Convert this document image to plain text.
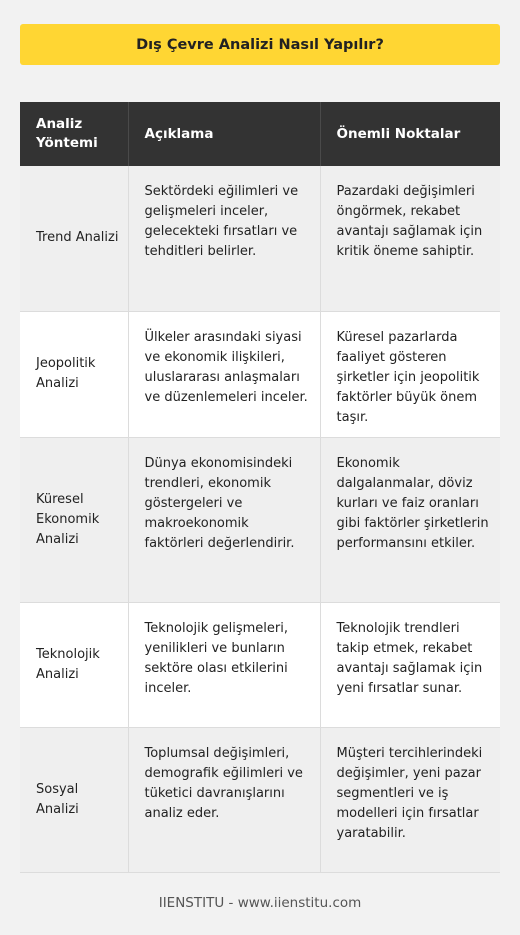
Dış Çevre Analizi Nasıl Yapılır?
Analiz Yöntemi	Açıklama	Önemli Noktalar
Trend Analizi	Sektördeki eğilimleri ve gelişmeleri inceler, gelecekteki fırsatları ve tehditleri belirler.	Pazardaki değişimleri öngörmek, rekabet avantajı sağlamak için kritik öneme sahiptir.
Jeopolitik Analizi	Ülkeler arasındaki siyasi ve ekonomik ilişkileri, uluslararası anlaşmaları ve düzenlemeleri inceler.	Küresel pazarlarda faaliyet gösteren şirketler için jeopolitik faktörler büyük önem taşır.
Küresel Ekonomik Analizi	Dünya ekonomisindeki trendleri, ekonomik göstergeleri ve makroekonomik faktörleri değerlendirir.	Ekonomik dalgalanmalar, döviz kurları ve faiz oranları gibi faktörler şirketlerin performansını etkiler.
Teknolojik Analizi	Teknolojik gelişmeleri, yenilikleri ve bunların sektöre olası etkilerini inceler.	Teknolojik trendleri takip etmek, rekabet avantajı sağlamak için yeni fırsatlar sunar.
Sosyal Analizi	Toplumsal değişimleri, demografik eğilimleri ve tüketici davranışlarını analiz eder.	Müşteri tercihlerindeki değişimler, yeni pazar segmentleri ve iş modelleri için fırsatlar yaratabilir.
IIENSTITU - www.iienstitu.com
